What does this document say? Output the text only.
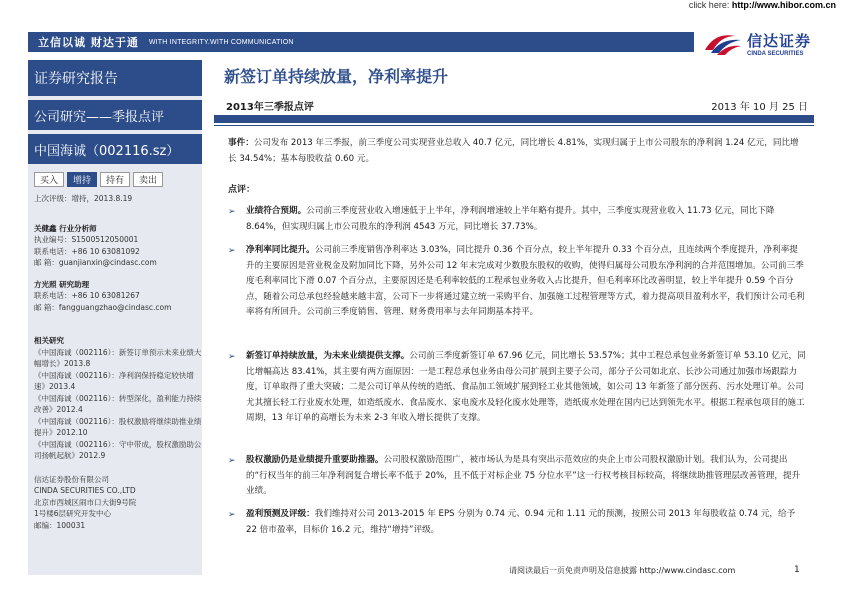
click here: http://www.hibor.com.cn
立信以诚 财达于通 WITH INTEGRITY.WITH COMMUNICATION	信达证券
CINDA SECURITIES
证券研究报告
公司研究——季报点评
中国海诚（002116.sz）
买入	增持	持有	卖出
上次评级：增持，2013.8.19
关健鑫 行业分析师
执业编号：S1500512050001
联系电话：+86 10 63081092
邮 箱：guanjianxin@cindasc.com
方光照 研究助理
联系电话：+86 10 63081267
邮 箱：fangguangzhao@cindasc.com
相关研究
《中国海诚（002116）：新签订单预示未来业绩大幅增长》2013.8
《中国海诚（002116）：净利润保持稳定较快增速》2013.4
《中国海诚（002116）：转型深化，盈利能力持续改善》2012.4
《中国海诚（002116）：股权激励将继续助推业绩提升》2012.10
《中国海诚（002116）：守中带成，股权激励助公司扬帆起航》2012.9
信达证券股份有限公司
CINDA SECURITIES CO.,LTD
北京市西城区闹市口大街9号院
1号楼6层研究开发中心
邮编：100031
新签订单持续放量，净利率提升
2013年三季报点评	2013 年 10 月 25 日
事件：公司发布 2013 年三季报，前三季度公司实现营业总收入 40.7 亿元，同比增长 4.81%，实现归属于上市公司股东的净利润 1.24 亿元，同比增长 34.54%；基本每股收益 0.60 元。
点评：
➢ 业绩符合预期。公司前三季度营业收入增速低于上半年，净利润增速较上半年略有提升。其中，三季度实现营业收入 11.73 亿元，同比下降 8.64%，但实现归属上市公司股东的净利润 4543 万元，同比增长 37.73%。
➢ 净利率同比提升。公司前三季度销售净利率达 3.03%，同比提升 0.36 个百分点，较上半年提升 0.33 个百分点，且连续两个季度提升，净利率提升的主要原因是营业税金及附加同比下降，另外公司 12 年末完成对少数股东股权的收购，使得归属母公司股东净利润的合并范围增加。公司前三季度毛利率同比下滑 0.07 个百分点，主要原因还是毛利率较低的工程承包业务收入占比提升，但毛利率环比改善明显，较上半年提升 0.59 个百分点，随着公司总承包经验越来越丰富，公司下一步将通过建立统一采购平台、加强施工过程管理等方式，着力提高项目盈利水平，我们预计公司毛利率将有所回升。公司前三季度销售、管理、财务费用率与去年同期基本持平。
➢ 新签订单持续放量，为未来业绩提供支撑。公司前三季度新签订单 67.96 亿元，同比增长 53.57%；其中工程总承包业务新签订单 53.10 亿元，同比增幅高达 83.41%，其主要有两方面原因：一是工程总承包业务由母公司扩展到主要子公司，部分子公司如北京、长沙公司通过加强市场跟踪力度，订单取得了重大突破；二是公司订单从传统的造纸、食品加工领域扩展到轻工业其他领域，如公司 13 年新签了部分医药、污水处理订单。公司尤其擅长轻工行业废水处理，如造纸废水、食品废水、家电废水及轻化废水处理等，造纸废水处理在国内已达到领先水平。根据工程承包项目的施工周期，13 年订单的高增长为未来 2-3 年收入增长提供了支撑。
➢ 股权激励仍是业绩提升重要助推器。公司股权激励范围广，被市场认为是具有突出示范效应的央企上市公司股权激励计划。我们认为，公司提出的“行权当年的前三年净利润复合增长率不低于 20%，且不低于对标企业 75 分位水平”这一行权考核目标较高，将继续助推管理层改善管理，提升业绩。
➢ 盈利预测及评级：我们维持对公司 2013-2015 年 EPS 分别为 0.74 元、0.94 元和 1.11 元的预测，按照公司 2013 年每股收益 0.74 元，给予 22 倍市盈率，目标价 16.2 元，维持“增持”评级。
请阅读最后一页免责声明及信息披露 http://www.cindasc.com	1
